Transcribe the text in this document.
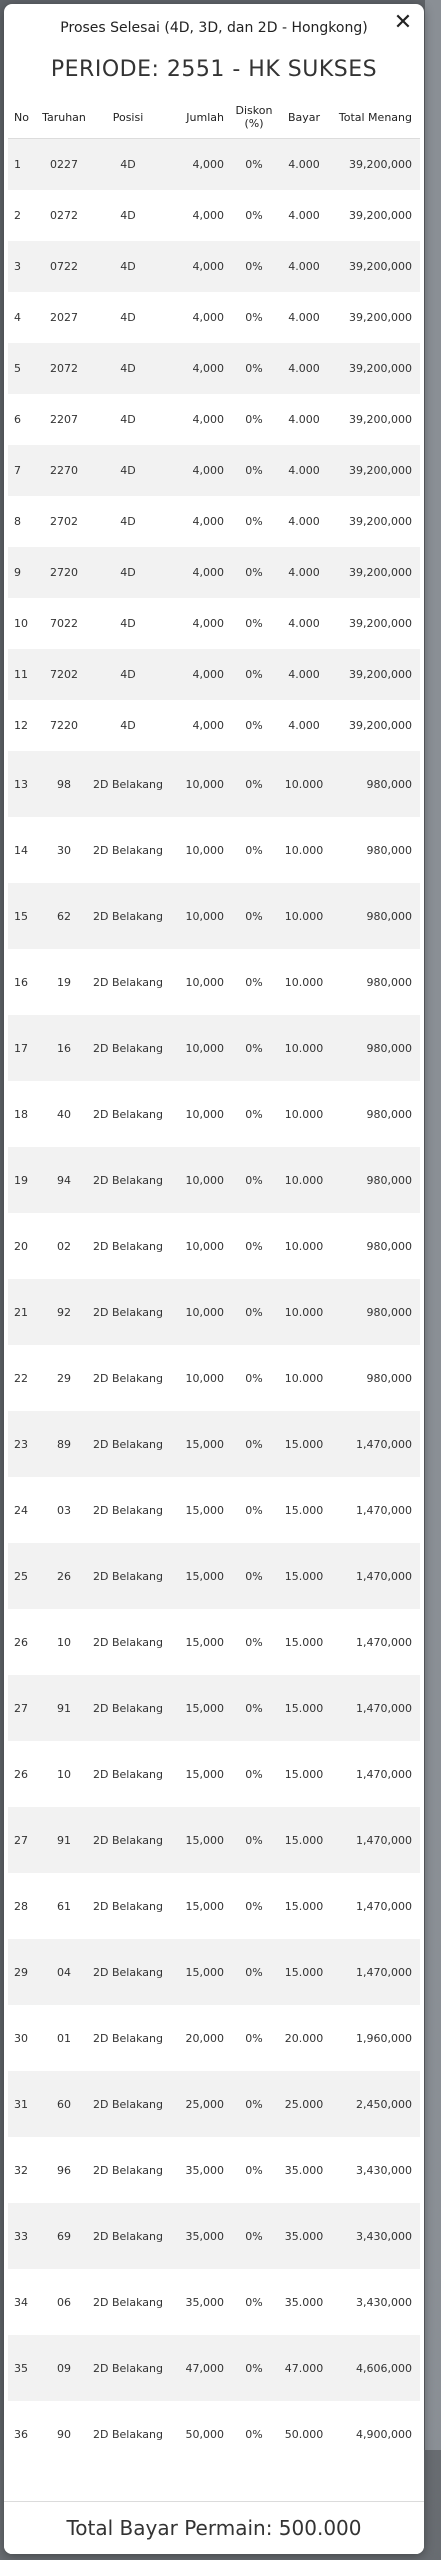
Proses Selesai (4D, 3D, dan 2D - Hongkong) ✕
PERIODE: 2551 - HK SUKSES
No	Taruhan	Posisi	Jumlah	Diskon (%)	Bayar	Total Menang
1	0227	4D	4,000	0%	4.000	39,200,000
2	0272	4D	4,000	0%	4.000	39,200,000
3	0722	4D	4,000	0%	4.000	39,200,000
4	2027	4D	4,000	0%	4.000	39,200,000
5	2072	4D	4,000	0%	4.000	39,200,000
6	2207	4D	4,000	0%	4.000	39,200,000
7	2270	4D	4,000	0%	4.000	39,200,000
8	2702	4D	4,000	0%	4.000	39,200,000
9	2720	4D	4,000	0%	4.000	39,200,000
10	7022	4D	4,000	0%	4.000	39,200,000
11	7202	4D	4,000	0%	4.000	39,200,000
12	7220	4D	4,000	0%	4.000	39,200,000
13	98	2D Belakang	10,000	0%	10.000	980,000
14	30	2D Belakang	10,000	0%	10.000	980,000
15	62	2D Belakang	10,000	0%	10.000	980,000
16	19	2D Belakang	10,000	0%	10.000	980,000
17	16	2D Belakang	10,000	0%	10.000	980,000
18	40	2D Belakang	10,000	0%	10.000	980,000
19	94	2D Belakang	10,000	0%	10.000	980,000
20	02	2D Belakang	10,000	0%	10.000	980,000
21	92	2D Belakang	10,000	0%	10.000	980,000
22	29	2D Belakang	10,000	0%	10.000	980,000
23	89	2D Belakang	15,000	0%	15.000	1,470,000
24	03	2D Belakang	15,000	0%	15.000	1,470,000
25	26	2D Belakang	15,000	0%	15.000	1,470,000
26	10	2D Belakang	15,000	0%	15.000	1,470,000
27	91	2D Belakang	15,000	0%	15.000	1,470,000
26	10	2D Belakang	15,000	0%	15.000	1,470,000
27	91	2D Belakang	15,000	0%	15.000	1,470,000
28	61	2D Belakang	15,000	0%	15.000	1,470,000
29	04	2D Belakang	15,000	0%	15.000	1,470,000
30	01	2D Belakang	20,000	0%	20.000	1,960,000
31	60	2D Belakang	25,000	0%	25.000	2,450,000
32	96	2D Belakang	35,000	0%	35.000	3,430,000
33	69	2D Belakang	35,000	0%	35.000	3,430,000
34	06	2D Belakang	35,000	0%	35.000	3,430,000
35	09	2D Belakang	47,000	0%	47.000	4,606,000
36	90	2D Belakang	50,000	0%	50.000	4,900,000
Total Bayar Permain: 500.000
